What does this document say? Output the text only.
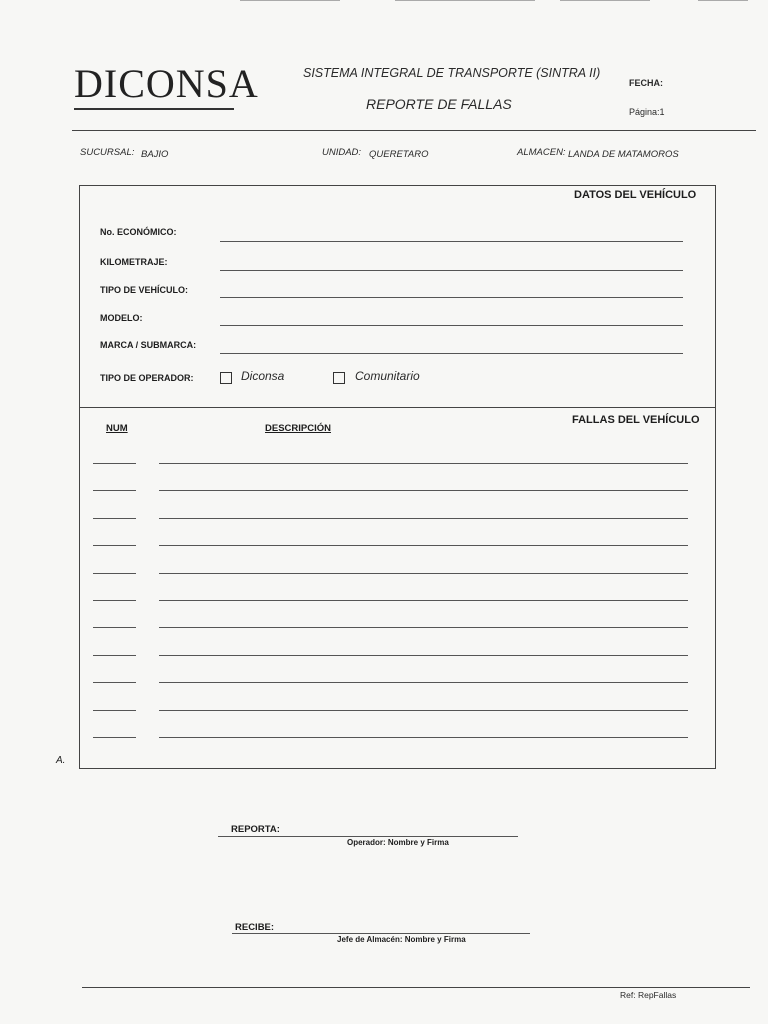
DICONSA	SISTEMA INTEGRAL DE TRANSPORTE (SINTRA II)
REPORTE DE FALLAS
FECHA:
Página:1
SUCURSAL: BAJIO	UNIDAD: QUERETARO	ALMACEN: LANDA DE MATAMOROS
DATOS DEL VEHÍCULO
No. ECONÓMICO:
KILOMETRAJE:
TIPO DE VEHÍCULO:
MODELO:
MARCA / SUBMARCA:
TIPO DE OPERADOR:	Diconsa	Comunitario
FALLAS DEL VEHÍCULO
NUM	DESCRIPCIÓN
A.
REPORTA:
Operador: Nombre y Firma
RECIBE:
Jefe de Almacén: Nombre y Firma
Ref: RepFallas
